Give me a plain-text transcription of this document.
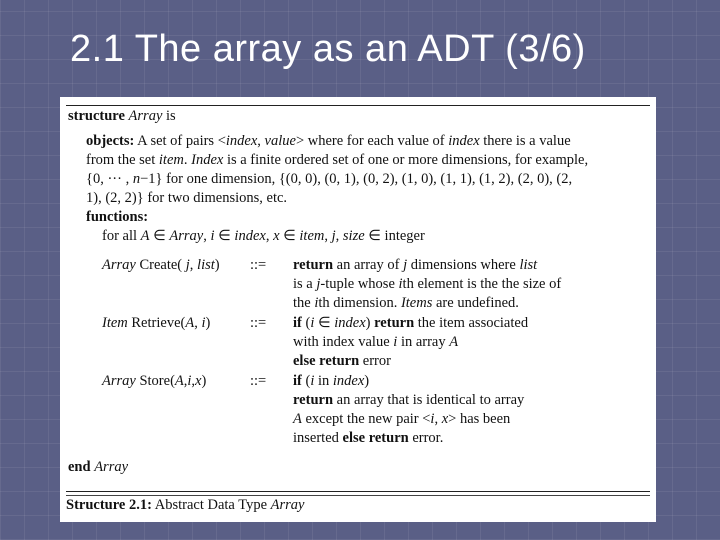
2.1 The array as an ADT (3/6)
structure Array is
objects: A set of pairs <index, value> where for each value of index there is a value
from the set item. Index is a finite ordered set of one or more dimensions, for example,
{0, ··· , n−1} for one dimension, {(0, 0), (0, 1), (0, 2), (1, 0), (1, 1), (1, 2), (2, 0), (2,
1), (2, 2)} for two dimensions, etc.
functions:
for all A ∈ Array, i ∈ index, x ∈ item, j, size ∈ integer
Array Create( j, list) ::= return an array of j dimensions where list
is a j-tuple whose ith element is the the size of
the ith dimension. Items are undefined.
Item Retrieve(A, i)	::= if (i ∈ index) return the item associated
with index value i in array A
else return error
Array Store(A,i,x)	::= if (i in index)
return an array that is identical to array
A except the new pair <i, x> has been
inserted else return error.
end Array
Structure 2.1: Abstract Data Type Array
